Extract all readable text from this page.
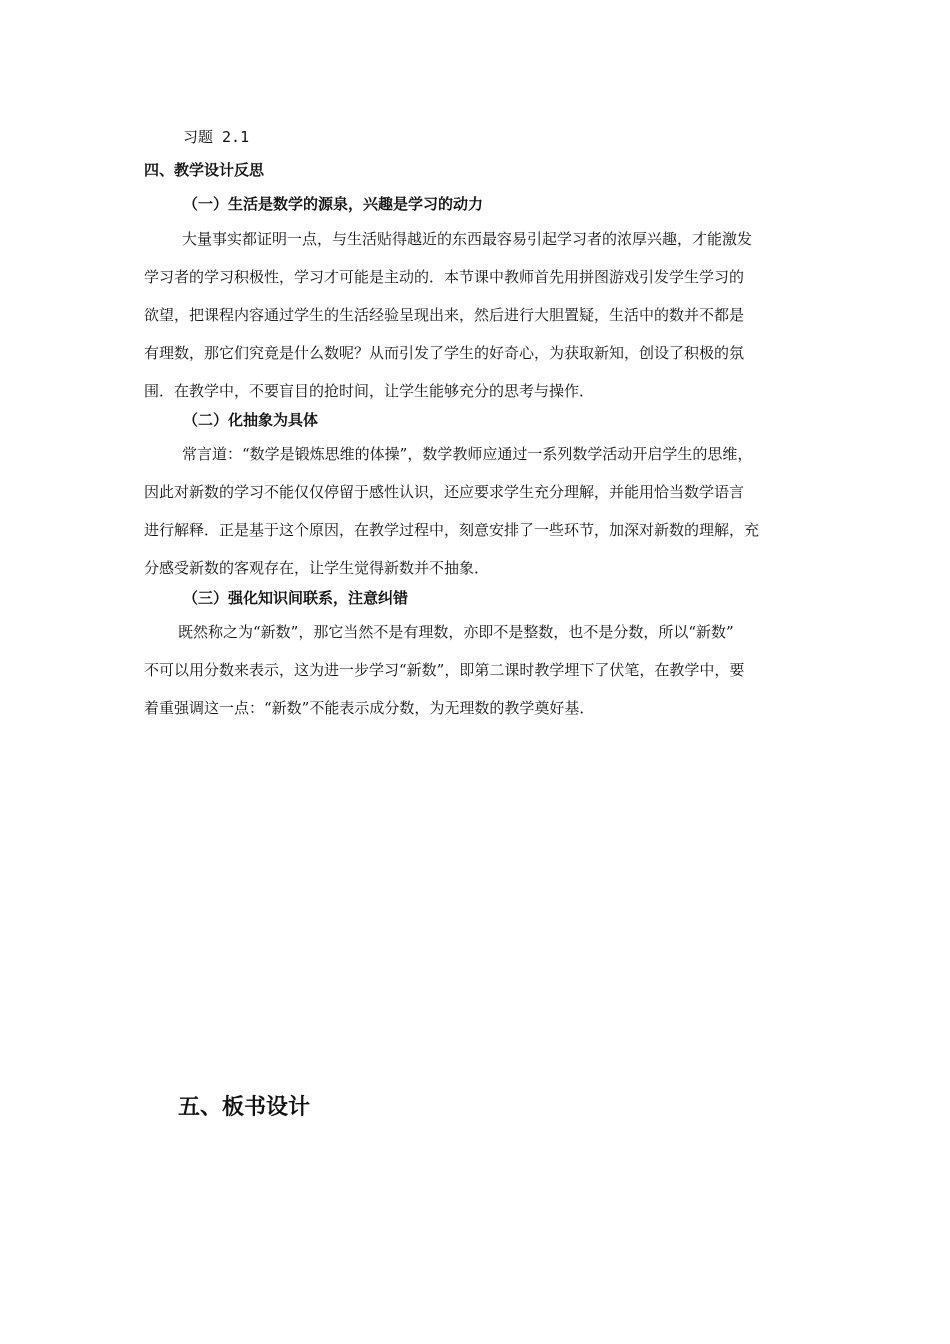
习题 2.1
四、教学设计反思
（一）生活是数学的源泉，兴趣是学习的动力
大量事实都证明一点，与生活贴得越近的东西最容易引起学习者的浓厚兴趣，才能激发
学习者的学习积极性，学习才可能是主动的．本节课中教师首先用拼图游戏引发学生学习的
欲望，把课程内容通过学生的生活经验呈现出来，然后进行大胆置疑，生活中的数并不都是
有理数，那它们究竟是什么数呢？从而引发了学生的好奇心，为获取新知，创设了积极的氛
围．在教学中，不要盲目的抢时间，让学生能够充分的思考与操作．
（二）化抽象为具体
常言道：“数学是锻炼思维的体操”，数学教师应通过一系列数学活动开启学生的思维，
因此对新数的学习不能仅仅停留于感性认识，还应要求学生充分理解，并能用恰当数学语言
进行解释．正是基于这个原因，在教学过程中，刻意安排了一些环节，加深对新数的理解，充
分感受新数的客观存在，让学生觉得新数并不抽象．
（三）强化知识间联系，注意纠错
既然称之为“新数”，那它当然不是有理数，亦即不是整数，也不是分数，所以“新数”
不可以用分数来表示，这为进一步学习“新数”，即第二课时教学埋下了伏笔，在教学中，要
着重强调这一点：“新数”不能表示成分数，为无理数的教学奠好基．
五、板书设计
